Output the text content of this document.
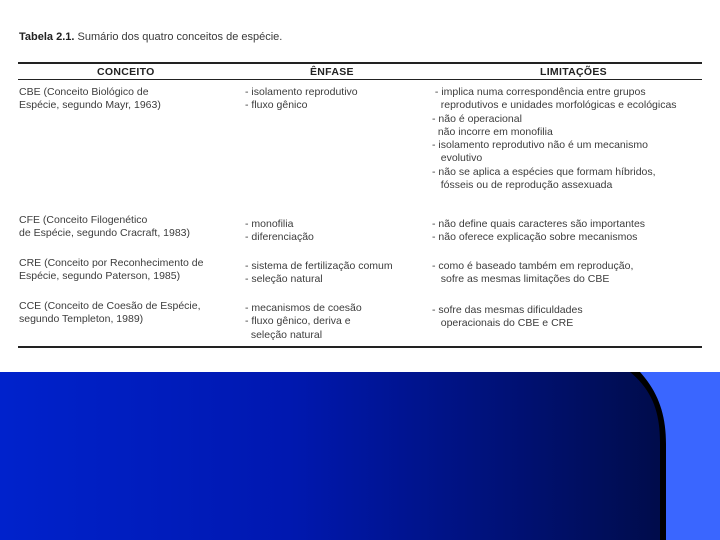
Tabela 2.1. Sumário dos quatro conceitos de espécie.
CONCEITO	ÊNFASE	LIMITAÇÕES
CBE (Conceito Biológico de
Espécie, segundo Mayr, 1963)
- isolamento reprodutivo
- fluxo gênico
- implica numa correspondência entre grupos
reprodutivos e unidades morfológicas e ecológicas
- não é operacional
não incorre em monofilia
- isolamento reprodutivo não é um mecanismo
evolutivo
- não se aplica a espécies que formam híbridos,
fósseis ou de reprodução assexuada
CFE (Conceito Filogenético
de Espécie, segundo Cracraft, 1983)
- monofilia
- diferenciação
- não define quais caracteres são importantes
- não oferece explicação sobre mecanismos
CRE (Conceito por Reconhecimento de
Espécie, segundo Paterson, 1985)
- sistema de fertilização comum
- seleção natural
- como é baseado também em reprodução,
sofre as mesmas limitações do CBE
CCE (Conceito de Coesão de Espécie,
segundo Templeton, 1989)
- mecanismos de coesão
- fluxo gênico, deriva e
seleção natural
- sofre das mesmas dificuldades
operacionais do CBE e CRE
